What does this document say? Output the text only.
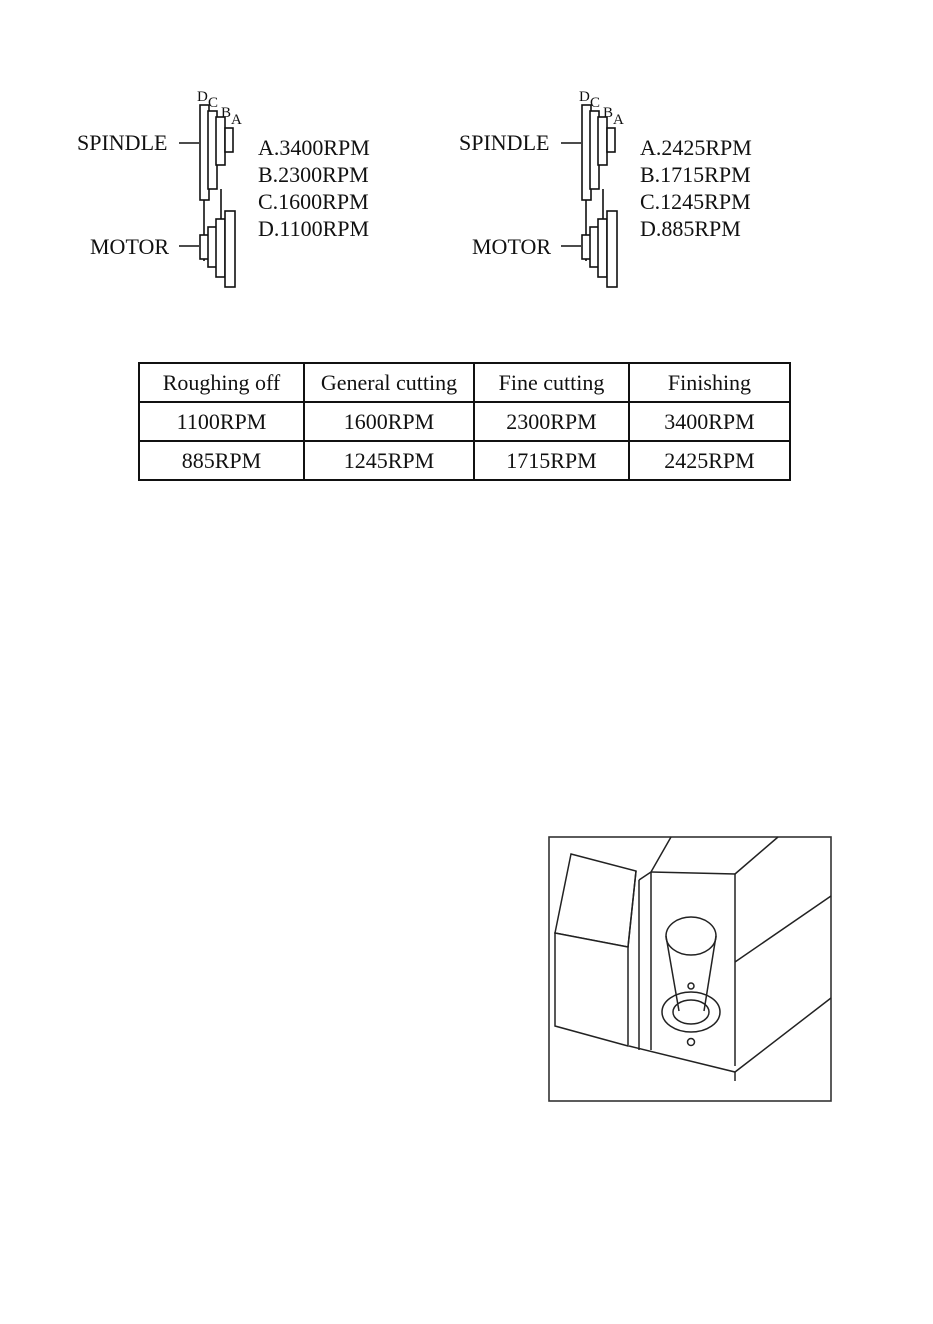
D C
B A
SPINDLE
MOTOR
A.3400RPM
B.2300RPM
C.1600RPM
D.1100RPM
D C
B A
SPINDLE
MOTOR
A.2425RPM
B.1715RPM
C.1245RPM
D.885RPM
Roughing off	General cutting	Fine cutting	Finishing
1100RPM	1600RPM	2300RPM	3400RPM
885RPM	1245RPM	1715RPM	2425RPM
